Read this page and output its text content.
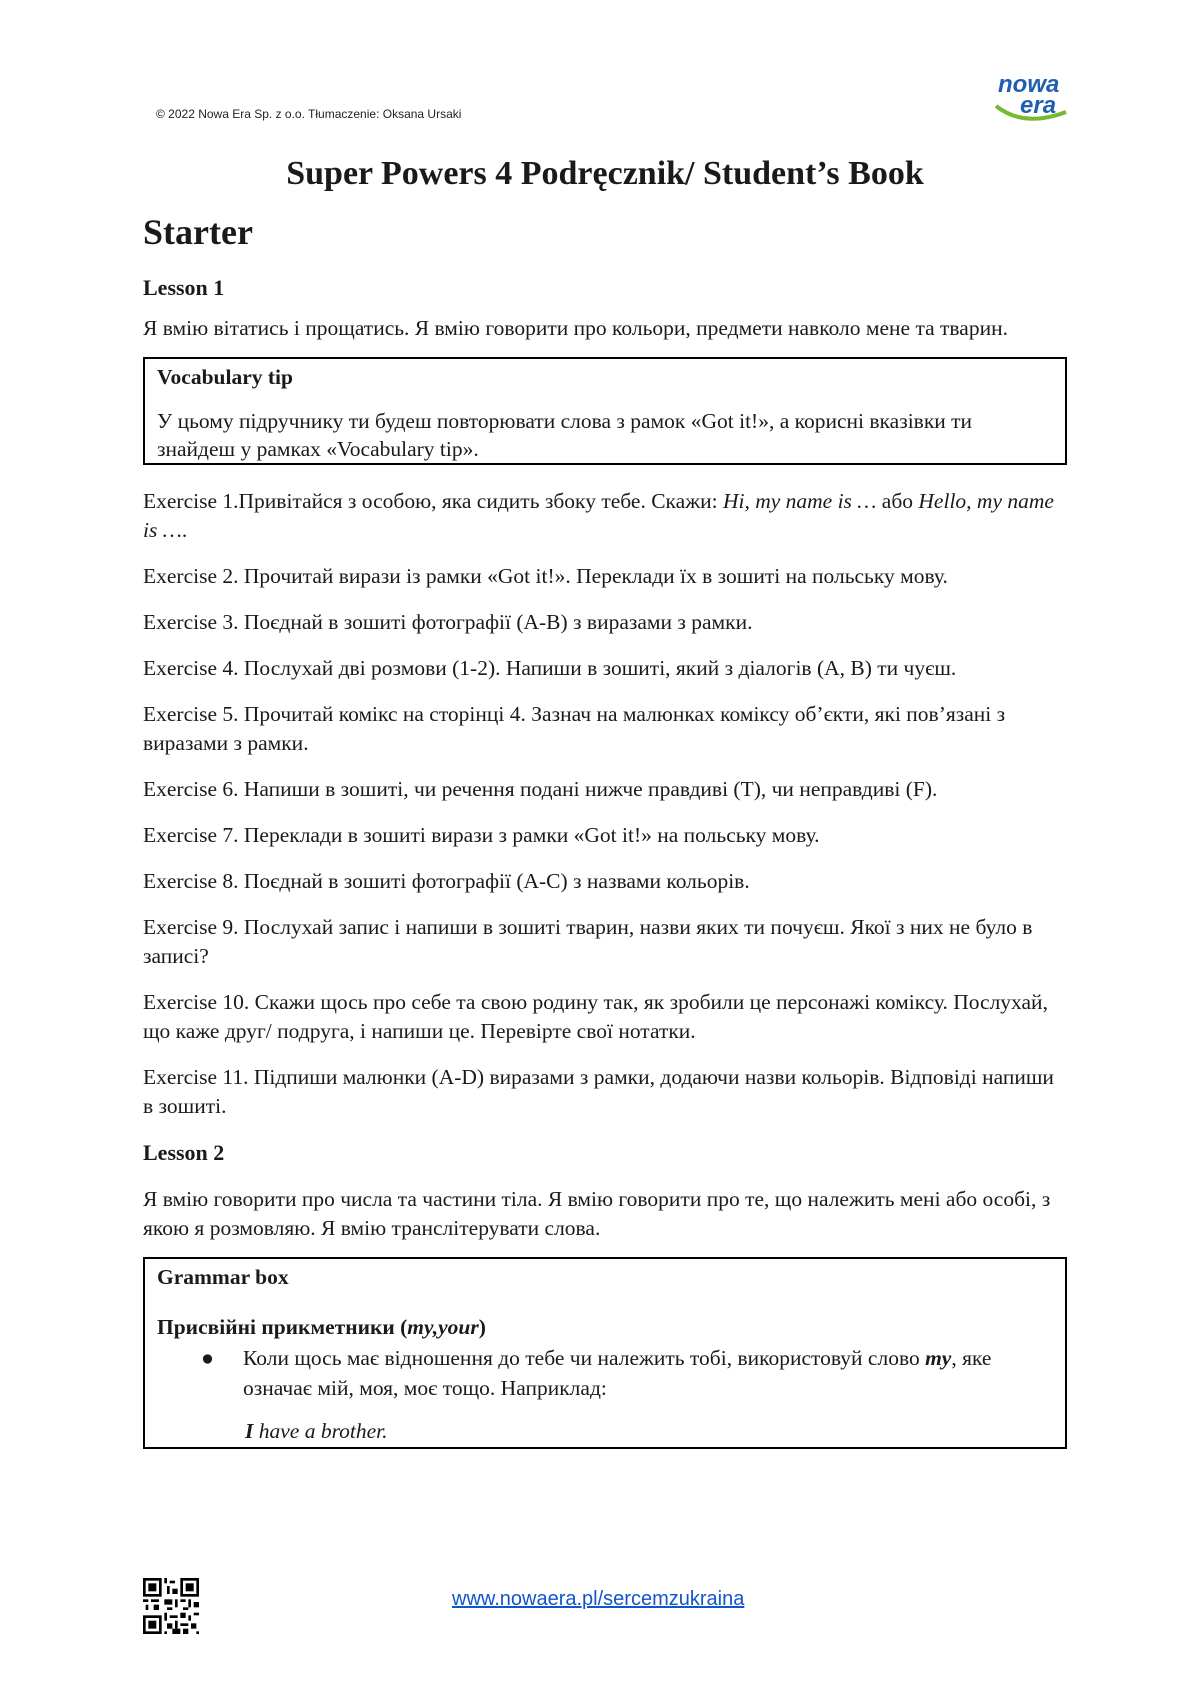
© 2022 Nowa Era Sp. z o.o. Tłumaczenie: Oksana Ursaki
nowa
era
Super Powers 4 Podręcznik/ Student’s Book
Starter
Lesson 1

Я вмію вітатись і прощатись. Я вмію говорити про кольори, предмети навколо мене та тварин.

Vocabulary tip

У цьому підручнику ти будеш повторювати слова з рамок «Got it!», а корисні вказівки ти знайдеш у рамках «Vocabulary tip».

Exercise 1.Привітайся з особою, яка сидить збоку тебе. Скажи: Hi, my name is … або Hello, my name is ….

Exercise 2. Прочитай вирази із рамки «Got it!». Переклади їх в зошиті на польську мову.

Exercise 3. Поєднай в зошиті фотографії (A-B) з виразами з рамки.

Exercise 4. Послухай дві розмови (1-2). Напиши в зошиті, який з діалогів (A, B) ти чуєш.

Exercise 5. Прочитай комікс на сторінці 4. Зазнач на малюнках коміксу об’єкти, які пов’язані з виразами з рамки.

Exercise 6. Напиши в зошиті, чи речення подані нижче правдиві (T), чи неправдиві (F).

Exercise 7. Переклади в зошиті вирази з рамки «Got it!» на польську мову.

Exercise 8. Поєднай в зошиті фотографії (A-C) з назвами кольорів.

Exercise 9. Послухай запис і напиши в зошиті тварин, назви яких ти почуєш. Якої з них не було в записі?

Exercise 10. Скажи щось про себе та свою родину так, як зробили це персонажі коміксу. Послухай, що каже друг/ подруга, і напиши це. Перевірте свої нотатки.

Exercise 11. Підпиши малюнки (A-D) виразами з рамки, додаючи назви кольорів. Відповіді напиши в зошиті.

Lesson 2

Я вмію говорити про числа та частини тіла. Я вмію говорити про те, що належить мені або особі, з якою я розмовляю. Я вмію транслітерувати слова.

Grammar box

Присвійні прикметники (my,your)

●	Коли щось має відношення до тебе чи належить тобі, використовуй слово my, яке означає мій, моя, моє тощо. Наприклад:

I have a brother.

www.nowaera.pl/sercemzukraina
